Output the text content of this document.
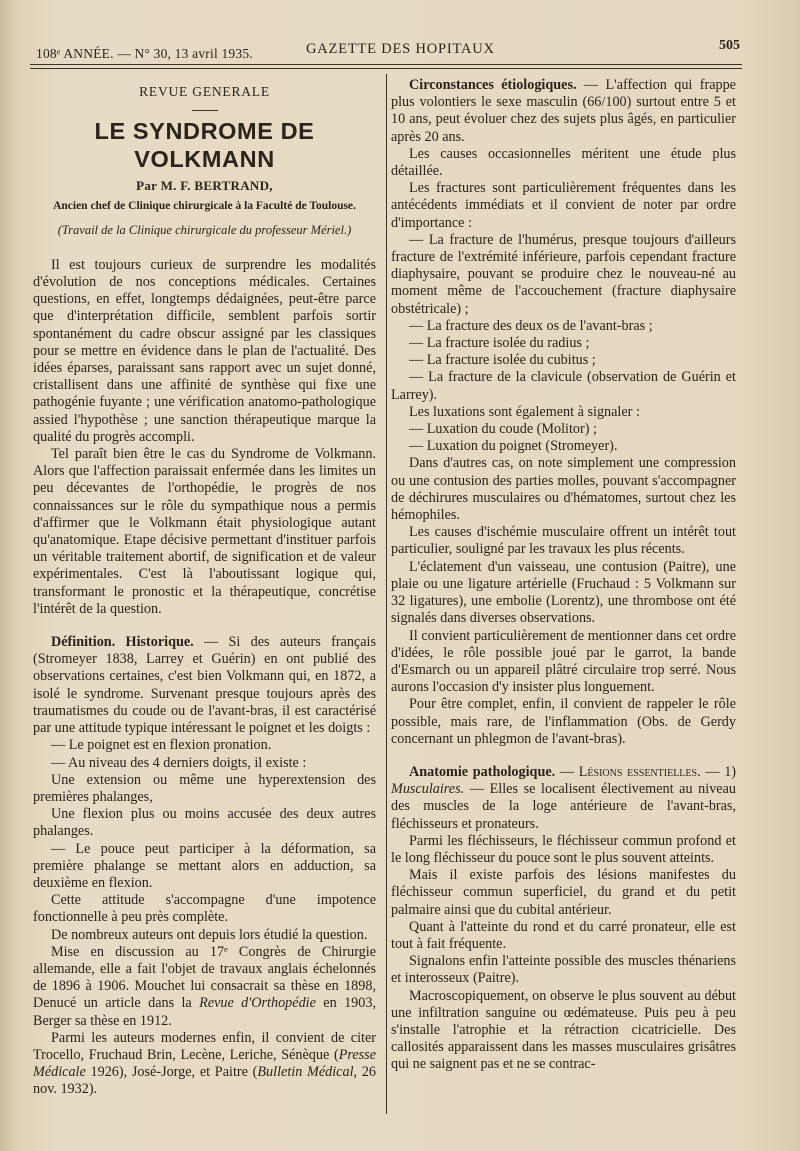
108ᵉ ANNÉE. — N° 30, 13 avril 1935.	GAZETTE DES HOPITAUX	505

REVUE GENERALE

LE SYNDROME DE VOLKMANN

Par M. F. BERTRAND,

Ancien chef de Clinique chirurgicale à la Faculté de Toulouse.

(Travail de la Clinique chirurgicale du professeur Mériel.)

Il est toujours curieux de surprendre les modalités d'évolution de nos conceptions médicales. Certaines questions, en effet, longtemps dédaignées, peut-être parce que d'interprétation difficile, semblent parfois sortir spontanément du cadre obscur assigné par les classiques pour se mettre en évidence dans le plan de l'actualité. Des idées éparses, paraissant sans rapport avec un sujet donné, cristallisent dans une affinité de synthèse qui fixe une pathogénie fuyante ; une vérification anatomo-pathologique assied l'hypothèse ; une sanction thérapeutique marque la qualité du progrès accompli.

Tel paraît bien être le cas du Syndrome de Volkmann. Alors que l'affection paraissait enfermée dans les limites un peu décevantes de l'orthopédie, le progrès de nos connaissances sur le rôle du sympathique nous a permis d'affirmer que le Volkmann était physiologique autant qu'anatomique. Etape décisive permettant d'instituer parfois un véritable traitement abortif, de signification et de valeur expérimentales. C'est là l'aboutissant logique qui, transformant le pronostic et la thérapeutique, concrétise l'intérêt de la question.

Définition. Historique. — Si des auteurs français (Stromeyer 1838, Larrey et Guérin) en ont publié des observations certaines, c'est bien Volkmann qui, en 1872, a isolé le syndrome. Survenant presque toujours après des traumatismes du coude ou de l'avant-bras, il est caractérisé par une attitude typique intéressant le poignet et les doigts :

— Le poignet est en flexion pronation.

— Au niveau des 4 derniers doigts, il existe :

Une extension ou même une hyperextension des premières phalanges,

Une flexion plus ou moins accusée des deux autres phalanges.

— Le pouce peut participer à la déformation, sa première phalange se mettant alors en adduction, sa deuxième en flexion.

Cette attitude s'accompagne d'une impotence fonctionnelle à peu près complète.

De nombreux auteurs ont depuis lors étudié la question.

Mise en discussion au 17ᵉ Congrès de Chirurgie allemande, elle a fait l'objet de travaux anglais échelonnés de 1896 à 1906. Mouchet lui consacrait sa thèse en 1898, Denucé un article dans la Revue d'Orthopédie en 1903, Berger sa thèse en 1912.

Parmi les auteurs modernes enfin, il convient de citer Trocello, Fruchaud Brin, Lecène, Leriche, Sénèque (Presse Médicale 1926), José-Jorge, et Paitre (Bulletin Médical, 26 nov. 1932).

Circonstances étiologiques. — L'affection qui frappe plus volontiers le sexe masculin (66/100) surtout entre 5 et 10 ans, peut évoluer chez des sujets plus âgés, en particulier après 20 ans.

Les causes occasionnelles méritent une étude plus détaillée.

Les fractures sont particulièrement fréquentes dans les antécédents immédiats et il convient de noter par ordre d'importance :

— La fracture de l'humérus, presque toujours d'ailleurs fracture de l'extrémité inférieure, parfois cependant fracture diaphysaire, pouvant se produire chez le nouveau-né au moment même de l'accouchement (fracture diaphysaire obstétricale) ;

— La fracture des deux os de l'avant-bras ;

— La fracture isolée du radius ;

— La fracture isolée du cubitus ;

— La fracture de la clavicule (observation de Guérin et Larrey).

Les luxations sont également à signaler :

— Luxation du coude (Molitor) ;

— Luxation du poignet (Stromeyer).

Dans d'autres cas, on note simplement une compression ou une contusion des parties molles, pouvant s'accompagner de déchirures musculaires ou d'hématomes, surtout chez les hémophiles.

Les causes d'ischémie musculaire offrent un intérêt tout particulier, souligné par les travaux les plus récents.

L'éclatement d'un vaisseau, une contusion (Paitre), une plaie ou une ligature artérielle (Fruchaud : 5 Volkmann sur 32 ligatures), une embolie (Lorentz), une thrombose ont été signalés dans diverses observations.

Il convient particulièrement de mentionner dans cet ordre d'idées, le rôle possible joué par le garrot, la bande d'Esmarch ou un appareil plâtré circulaire trop serré. Nous aurons l'occasion d'y insister plus longuement.

Pour être complet, enfin, il convient de rappeler le rôle possible, mais rare, de l'inflammation (Obs. de Gerdy concernant un phlegmon de l'avant-bras).

Anatomie pathologique. — Lésions essentielles. — 1) Musculaires. — Elles se localisent électivement au niveau des muscles de la loge antérieure de l'avant-bras, fléchisseurs et pronateurs.

Parmi les fléchisseurs, le fléchisseur commun profond et le long fléchisseur du pouce sont le plus souvent atteints.

Mais il existe parfois des lésions manifestes du fléchisseur commun superficiel, du grand et du petit palmaire ainsi que du cubital antérieur.

Quant à l'atteinte du rond et du carré pronateur, elle est tout à fait fréquente.

Signalons enfin l'atteinte possible des muscles thénariens et interosseux (Paitre).

Macroscopiquement, on observe le plus souvent au début une infiltration sanguine ou œdémateuse. Puis peu à peu s'installe l'atrophie et la rétraction cicatricielle. Des callosités apparaissent dans les masses musculaires grisâtres qui ne saignent pas et ne se contrac-
